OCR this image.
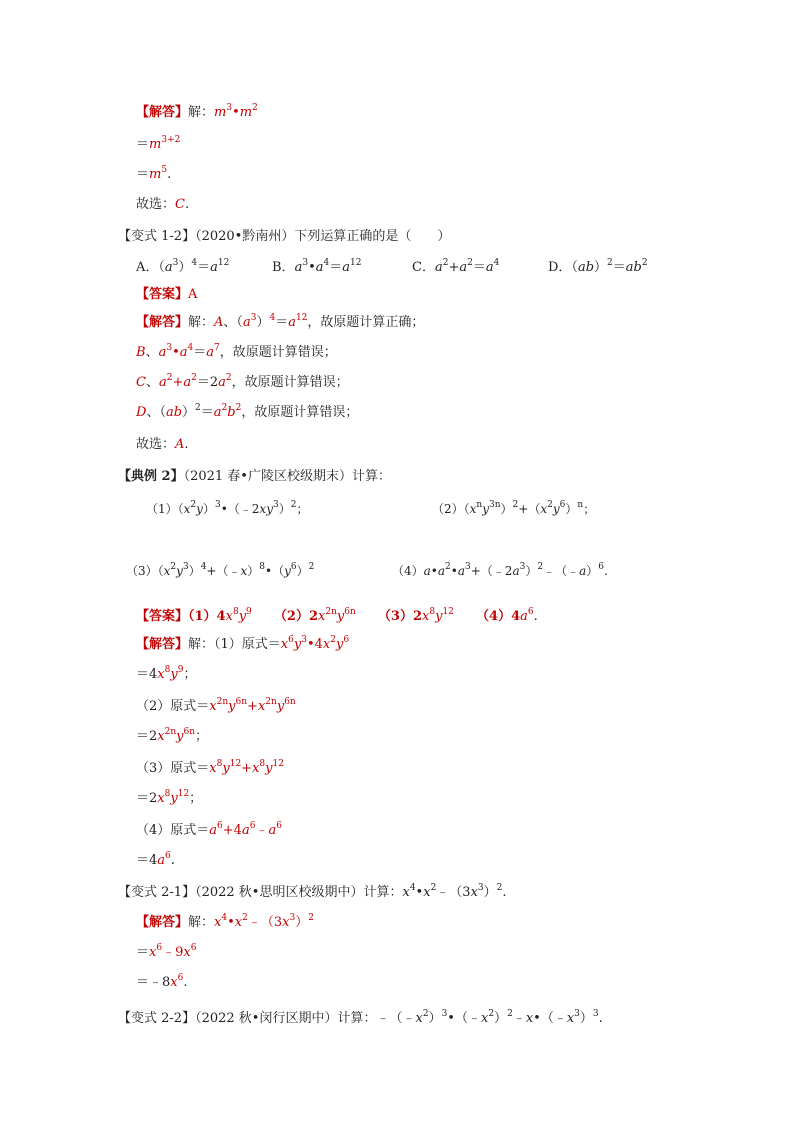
【解答】解：$m^3•m^2$
$=m^{3+2}$
$=m^5$.
故选：C.
【变式 1-2】（2020•黔南州）下列运算正确的是（　　）
A．$(a^3)^4=a^{12}$	B．$a^3•a^4=a^{12}$	C．$a^2+a^2=a^4$	D．$(ab)^2=ab^2$
【答案】A
【解答】解：A、$(a^3)^4=a^{12}$，故原题计算正确；
B、$a^3•a^4=a^7$，故原题计算错误；
C、$a^2+a^2=2a^2$，故原题计算错误；
D、$(ab)^2=a^2b^2$，故原题计算错误；
故选：A.
【典例 2】（2021 春•广陵区校级期末）计算：
$(1)(x^2y)^3•(﹣2xy^3)^2$；	$(2)(x^ny^{3n})^2+(x^2y^6)^n$；
$(3)(x^2y^3)^4+(﹣x)^8•(y^6)^2$	$(4)a•a^2•a^3+(﹣2a^3)^2﹣(﹣a)^6$.
【答案】$(1)4x^8y^9$ $(2)2x^{2n}y^{6n}$ $(3)2x^8y^{12}$ $(4)4a^6$.
【解答】解：（1）原式$=x^6y^3•4x^2y^6$
$=4x^8y^9$；
（2）原式$=x^{2n}y^{6n}+x^{2n}y^{6n}$
$=2x^{2n}y^{6n}$；
（3）原式$=x^8y^{12}+x^8y^{12}$
$=2x^8y^{12}$；
（4）原式$=a^6+4a^6﹣a^6$
$=4a^6$.
【变式 2-1】（2022 秋•思明区校级期中）计算：$x^4•x^2﹣(3x^3)^2$.
【解答】解：$x^4•x^2﹣(3x^3)^2$
$=x^6﹣9x^6$
$=﹣8x^6$.
【变式 2-2】（2022 秋•闵行区期中）计算：$﹣(﹣x^2)^3•(﹣x^2)^2﹣x•(﹣x^3)^3$.
